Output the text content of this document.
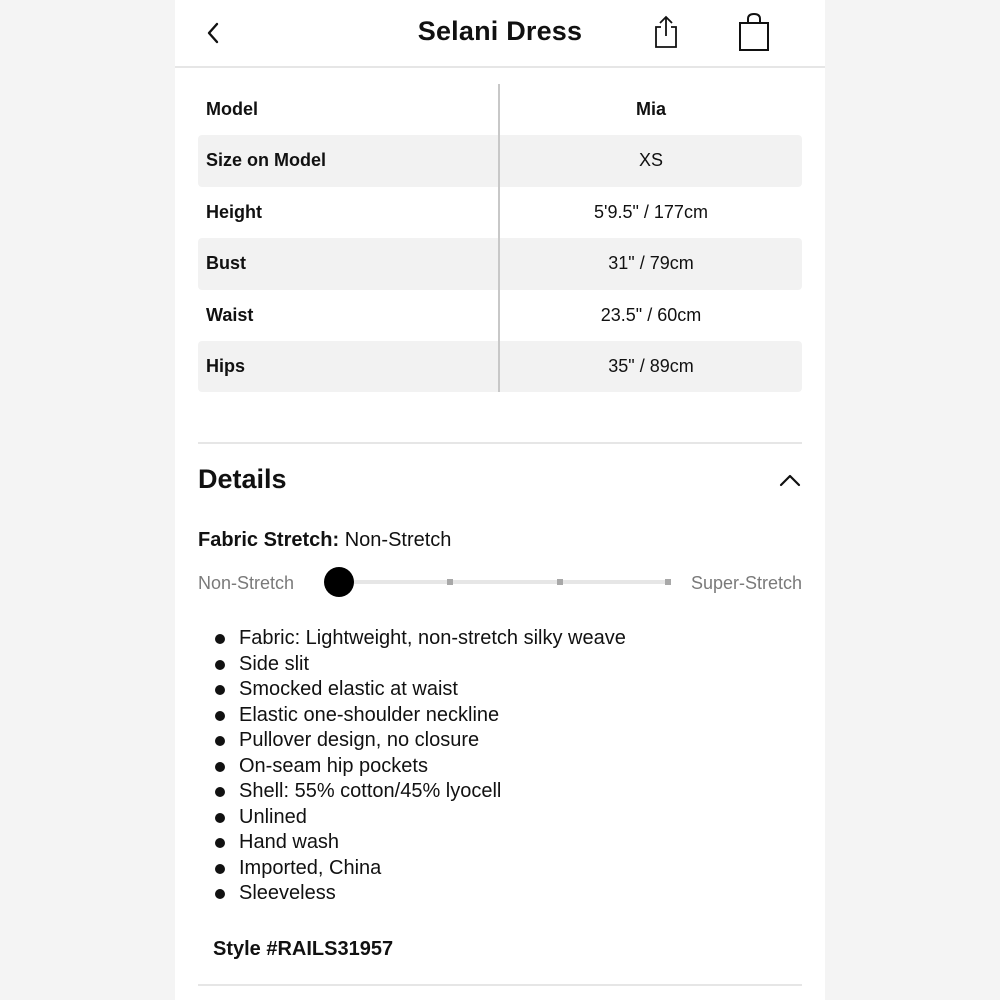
Selani Dress
Model	Mia
Size on Model	XS
Height	5'9.5" / 177cm
Bust	31" / 79cm
Waist	23.5" / 60cm
Hips	35" / 89cm
Details
Fabric Stretch: Non-Stretch
Non-Stretch	Super-Stretch
Fabric: Lightweight, non-stretch silky weave
Side slit
Smocked elastic at waist
Elastic one-shoulder neckline
Pullover design, no closure
On-seam hip pockets
Shell: 55% cotton/45% lyocell
Unlined
Hand wash
Imported, China
Sleeveless
Style #RAILS31957
